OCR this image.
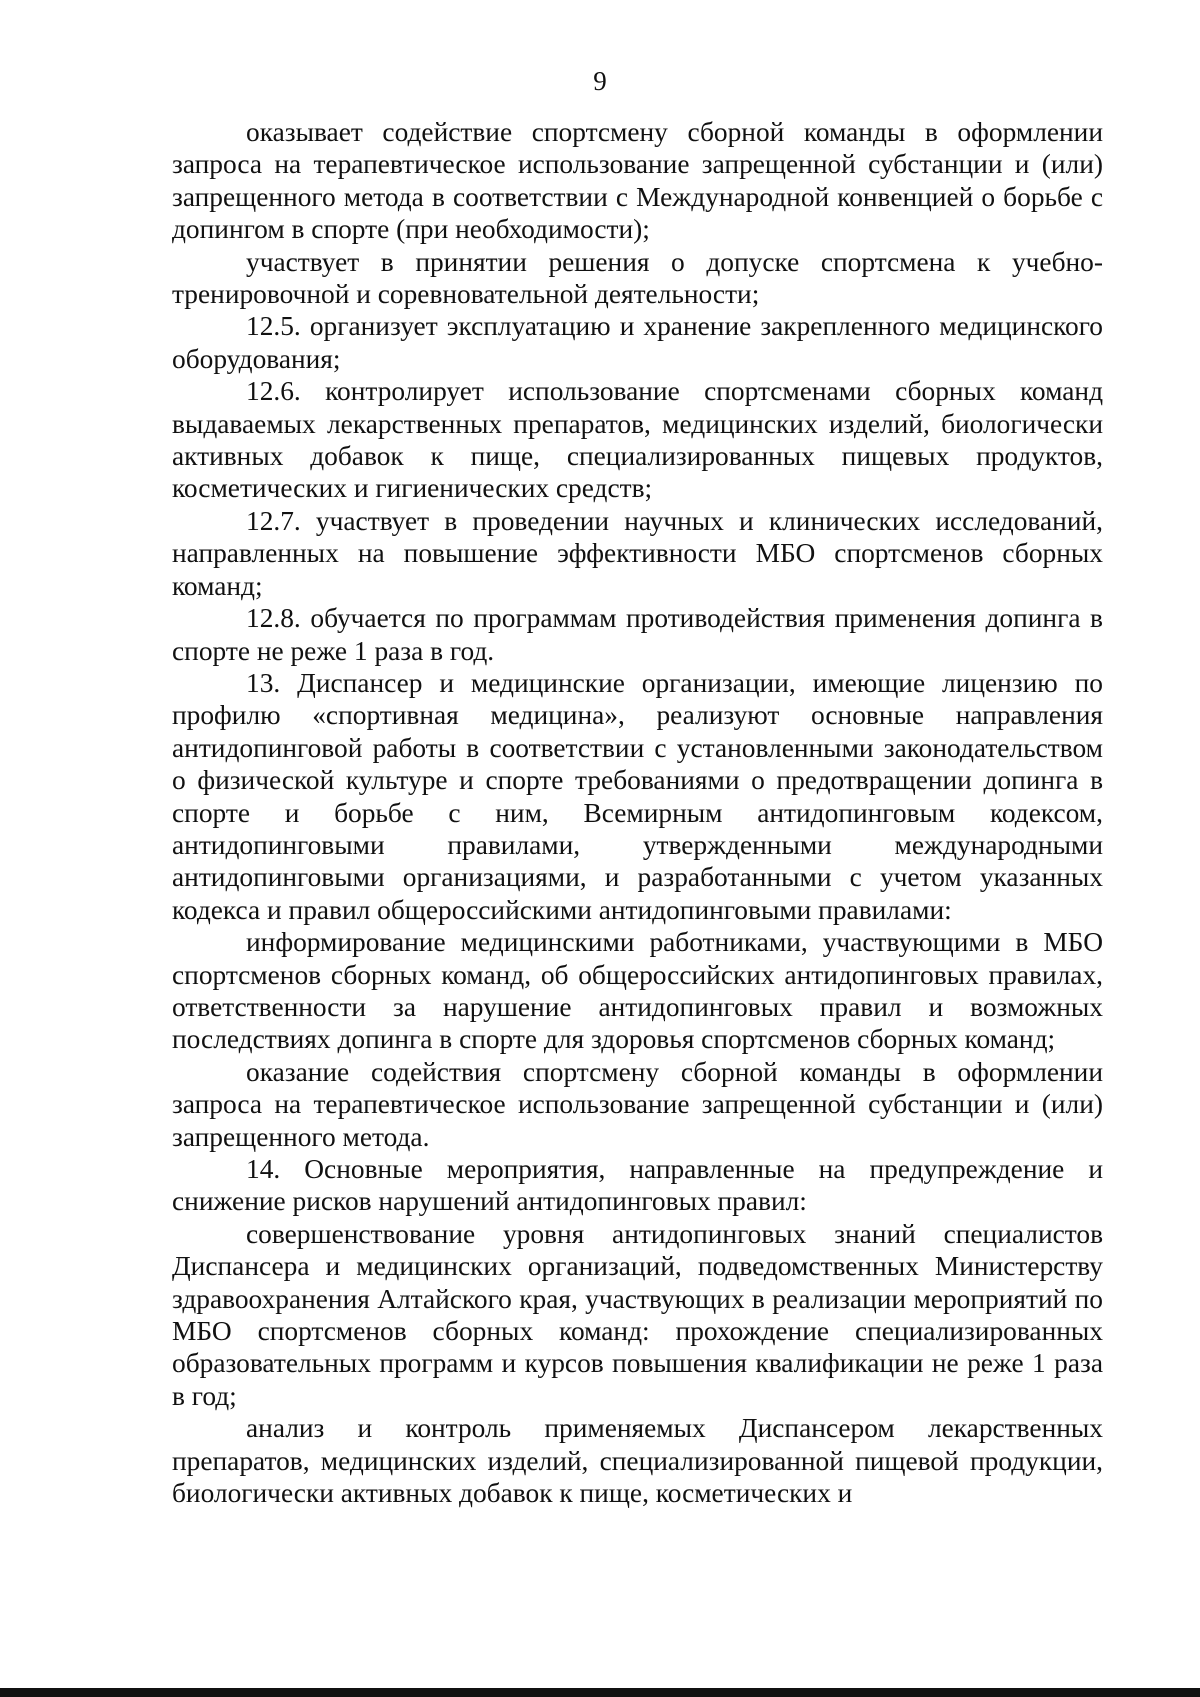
9

оказывает содействие спортсмену сборной команды в оформлении запроса на терапевтическое использование запрещенной субстанции и (или) запрещенного метода в соответствии с Международной конвенцией о борьбе с допингом в спорте (при необходимости);

участвует в принятии решения о допуске спортсмена к учебно-тренировочной и соревновательной деятельности;

12.5. организует эксплуатацию и хранение закрепленного медицинского оборудования;

12.6. контролирует использование спортсменами сборных команд выдаваемых лекарственных препаратов, медицинских изделий, биологически активных добавок к пище, специализированных пищевых продуктов, косметических и гигиенических средств;

12.7. участвует в проведении научных и клинических исследований, направленных на повышение эффективности МБО спортсменов сборных команд;

12.8. обучается по программам противодействия применения допинга в спорте не реже 1 раза в год.

13. Диспансер и медицинские организации, имеющие лицензию по профилю «спортивная медицина», реализуют основные направления антидопинговой работы в соответствии с установленными законодательством о физической культуре и спорте требованиями о предотвращении допинга в спорте и борьбе с ним, Всемирным антидопинговым кодексом, антидопинговыми правилами, утвержденными международными антидопинговыми организациями, и разработанными с учетом указанных кодекса и правил общероссийскими антидопинговыми правилами:

информирование медицинскими работниками, участвующими в МБО спортсменов сборных команд, об общероссийских антидопинговых правилах, ответственности за нарушение антидопинговых правил и возможных последствиях допинга в спорте для здоровья спортсменов сборных команд;

оказание содействия спортсмену сборной команды в оформлении запроса на терапевтическое использование запрещенной субстанции и (или) запрещенного метода.

14. Основные мероприятия, направленные на предупреждение и снижение рисков нарушений антидопинговых правил:

совершенствование уровня антидопинговых знаний специалистов Диспансера и медицинских организаций, подведомственных Министерству здравоохранения Алтайского края, участвующих в реализации мероприятий по МБО спортсменов сборных команд: прохождение специализированных образовательных программ и курсов повышения квалификации не реже 1 раза в год;

анализ и контроль применяемых Диспансером лекарственных препаратов, медицинских изделий, специализированной пищевой продукции, биологически активных добавок к пище, косметических и
